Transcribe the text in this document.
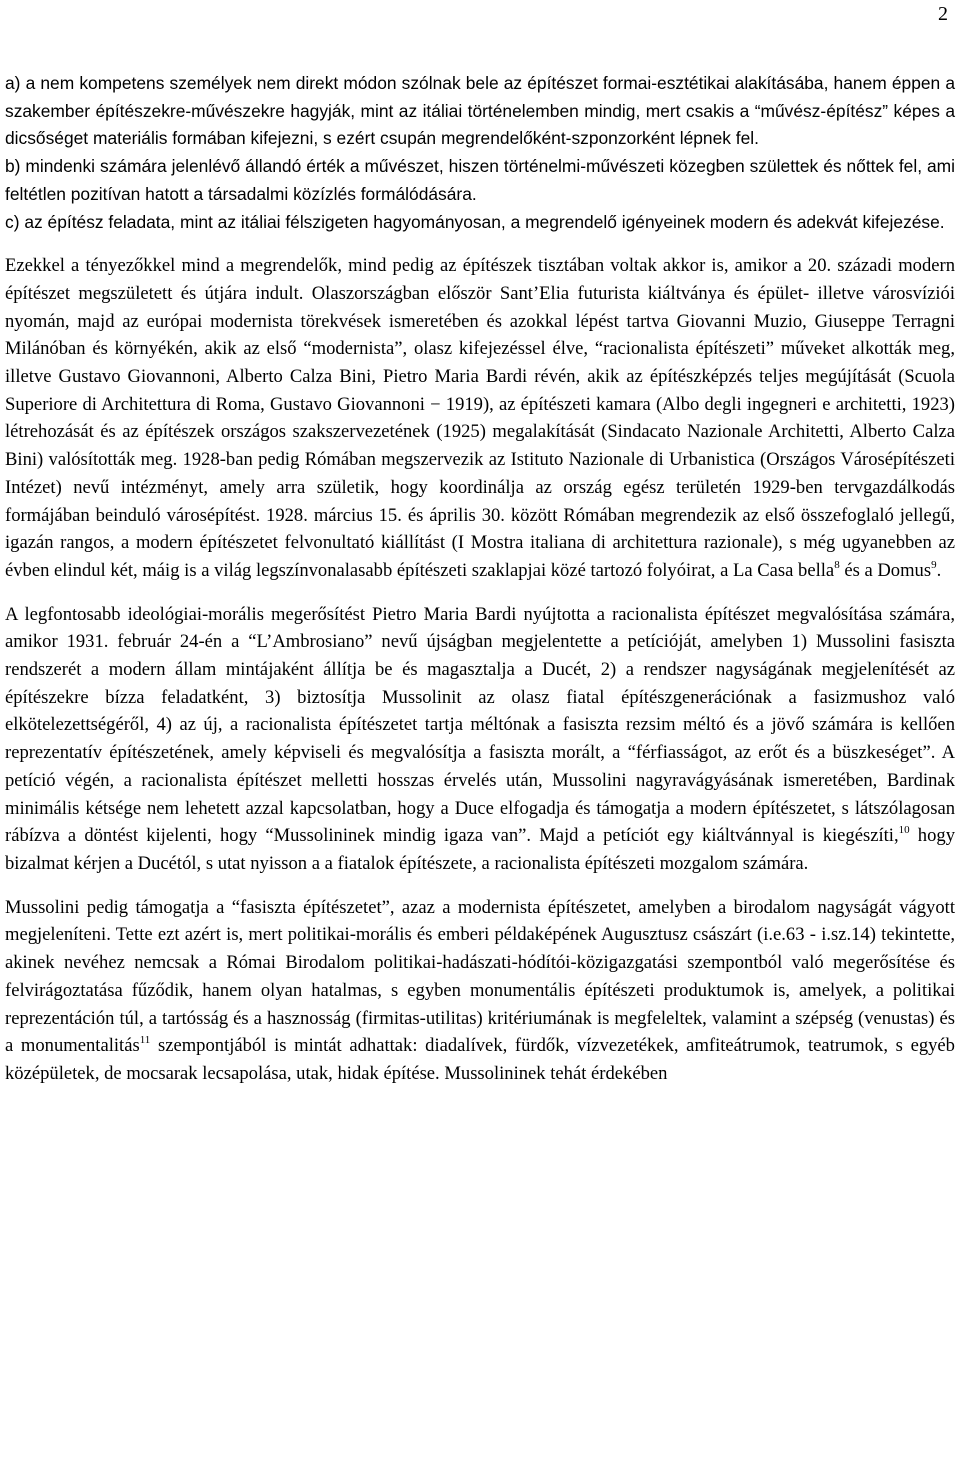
2

a) a nem kompetens személyek nem direkt módon szólnak bele az építészet formai-esztétikai alakításába, hanem éppen a szakember építészekre-művészekre hagyják, mint az itáliai történelemben mindig, mert csakis a “művész-építész” képes a dicsőséget materiális formában kifejezni, s ezért csupán megrendelőként-szponzorként lépnek fel.

b) mindenki számára jelenlévő állandó érték a művészet, hiszen történelmi-művészeti közegben születtek és nőttek fel, ami feltétlen pozitívan hatott a társadalmi közízlés formálódására.

c) az építész feladata, mint az itáliai félszigeten hagyományosan, a megrendelő igényeinek modern és adekvát kifejezése.

Ezekkel a tényezőkkel mind a megrendelők, mind pedig az építészek tisztában voltak akkor is, amikor a 20. századi modern építészet megszületett és útjára indult. Olaszországban először Sant’Elia futurista kiáltványa és épület- illetve városvíziói nyomán, majd az európai modernista törekvések ismeretében és azokkal lépést tartva Giovanni Muzio, Giuseppe Terragni Milánóban és környékén, akik az első “modernista”, olasz kifejezéssel élve, “racionalista építészeti” műveket alkották meg, illetve Gustavo Giovannoni, Alberto Calza Bini, Pietro Maria Bardi révén, akik az építészképzés teljes megújítását (Scuola Superiore di Architettura di Roma, Gustavo Giovannoni − 1919), az építészeti kamara (Albo degli ingegneri e architetti, 1923) létrehozását és az építészek országos szakszervezetének (1925) megalakítását (Sindacato Nazionale Architetti, Alberto Calza Bini) valósították meg. 1928-ban pedig Rómában megszervezik az Istituto Nazionale di Urbanistica (Országos Városépítészeti Intézet) nevű intézményt, amely arra születik, hogy koordinálja az ország egész területén 1929-ben tervgazdálkodás formájában beinduló városépítést. 1928. március 15. és április 30. között Rómában megrendezik az első összefoglaló jellegű, igazán rangos, a modern építészetet felvonultató kiállítást (I Mostra italiana di architettura razionale), s még ugyanebben az évben elindul két, máig is a világ legszínvonalasabb építészeti szaklapjai közé tartozó folyóirat, a La Casa bella$^8$ és a Domus$^9$.

A legfontosabb ideológiai-morális megerősítést Pietro Maria Bardi nyújtotta a racionalista építészet megvalósítása számára, amikor 1931. február 24-én a “L’Ambrosiano” nevű újságban megjelentette a petícióját, amelyben 1) Mussolini fasiszta rendszerét a modern állam mintájaként állítja be és magasztalja a Ducét, 2) a rendszer nagyságának megjelenítését az építészekre bízza feladatként, 3) biztosítja Mussolinit az olasz fiatal építészgenerációnak a fasizmushoz való elkötelezettségéről, 4) az új, a racionalista építészetet tartja méltónak a fasiszta rezsim méltó és a jövő számára is kellően reprezentatív építészetének, amely képviseli és megvalósítja a fasiszta morált, a “férfiasságot, az erőt és a büszkeséget”. A petíció végén, a racionalista építészet melletti hosszas érvelés után, Mussolini nagyravágyásának ismeretében, Bardinak minimális kétsége nem lehetett azzal kapcsolatban, hogy a Duce elfogadja és támogatja a modern építészetet, s látszólagosan rábízva a döntést kijelenti, hogy “Mussolininek mindig igaza van”. Majd a petíciót egy kiáltvánnyal is kiegészíti,$^{10}$ hogy bizalmat kérjen a Ducétól, s utat nyisson a a fiatalok építészete, a racionalista építészeti mozgalom számára.

Mussolini pedig támogatja a “fasiszta építészetet”, azaz a modernista építészetet, amelyben a birodalom nagyságát vágyott megjeleníteni. Tette ezt azért is, mert politikai-morális és emberi példaképének Augusztusz császárt (i.e.63 - i.sz.14) tekintette, akinek nevéhez nemcsak a Római Birodalom politikai-hadászati-hódítói-közigazgatási szempontból való megerősítése és felvirágoztatása fűződik, hanem olyan hatalmas, s egyben monumentális építészeti produktumok is, amelyek, a politikai reprezentáción túl, a tartósság és a hasznosság (firmitas-utilitas) kritériumának is megfeleltek, valamint a szépség (venustas) és a monumentalitás$^{11}$ szempontjából is mintát adhattak: diadalívek, fürdők, vízvezetékek, amfiteátrumok, teatrumok, s egyéb középületek, de mocsarak lecsapolása, utak, hidak építése. Mussolininek tehát érdekében
